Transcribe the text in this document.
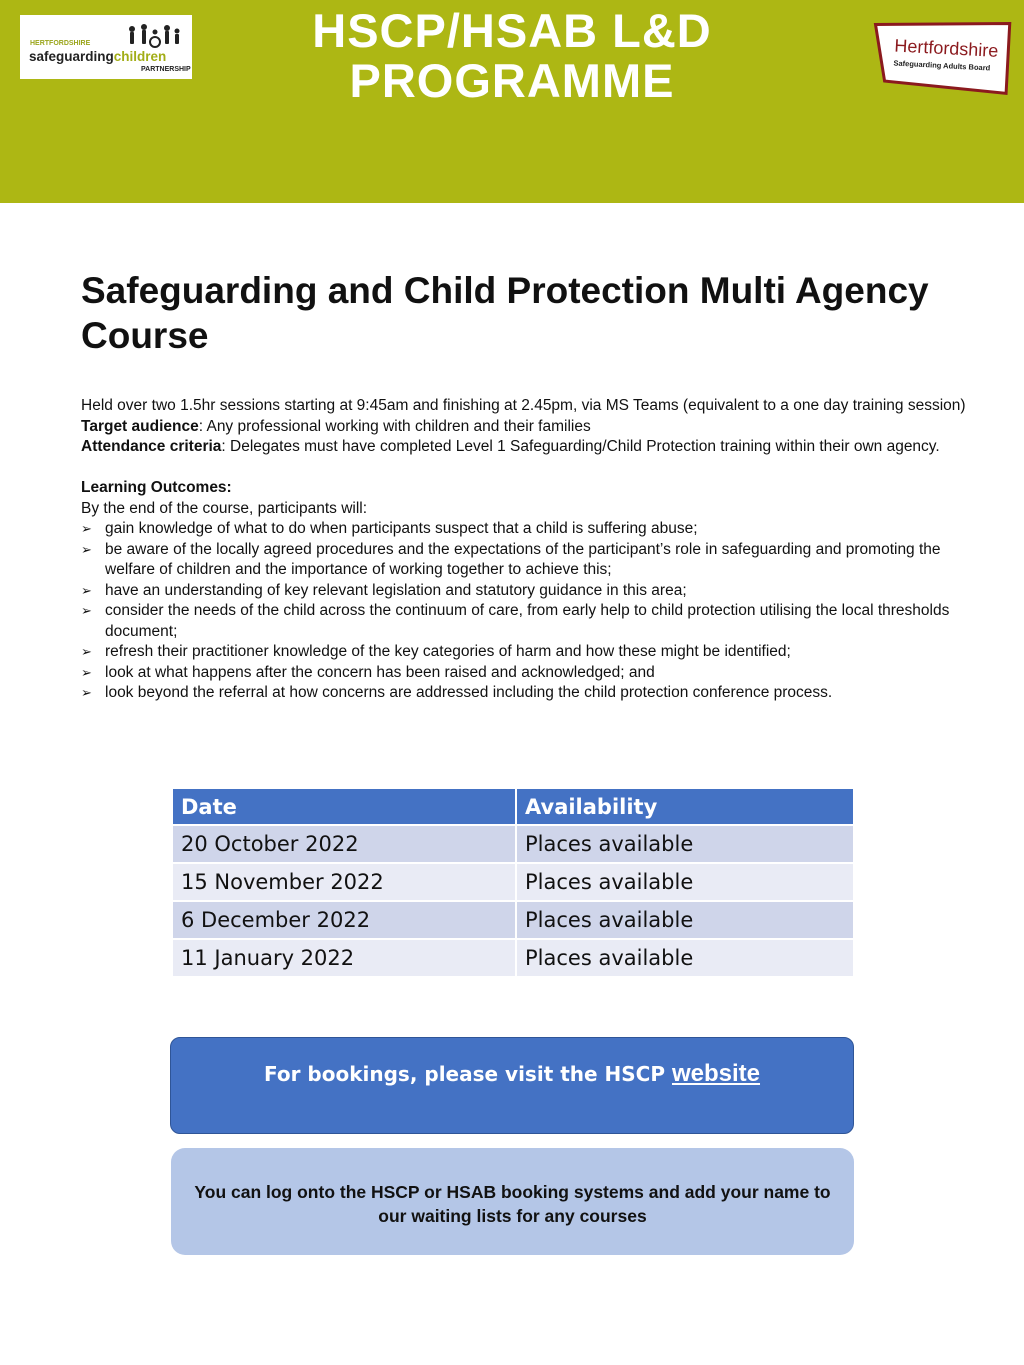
HERTFORDSHIRE
safeguardingchildren
PARTNERSHIP
HSCP/HSAB L&D
PROGRAMME
Hertfordshire
Safeguarding Adults Board
Safeguarding and Child Protection Multi Agency Course

Held over two 1.5hr sessions starting at 9:45am and finishing at 2.45pm, via MS Teams (equivalent to a one day training session)

Target audience: Any professional working with children and their families

Attendance criteria: Delegates must have completed Level 1 Safeguarding/Child Protection training within their own agency.

Learning Outcomes:

By the end of the course, participants will:

➢ gain knowledge of what to do when participants suspect that a child is suffering abuse;
➢ be aware of the locally agreed procedures and the expectations of the participant’s role in safeguarding and promoting the welfare of children and the importance of working together to achieve this;
➢ have an understanding of key relevant legislation and statutory guidance in this area;
➢ consider the needs of the child across the continuum of care, from early help to child protection utilising the local thresholds document;
➢ refresh their practitioner knowledge of the key categories of harm and how these might be identified;
➢ look at what happens after the concern has been raised and acknowledged; and
➢ look beyond the referral at how concerns are addressed including the child protection conference process.
Date	Availability
20 October 2022	Places available
15 November 2022	Places available
6 December 2022	Places available
11 January 2022	Places available
For bookings, please visit the HSCP website
You can log onto the HSCP or HSAB booking systems and add your name to our waiting lists for any courses
